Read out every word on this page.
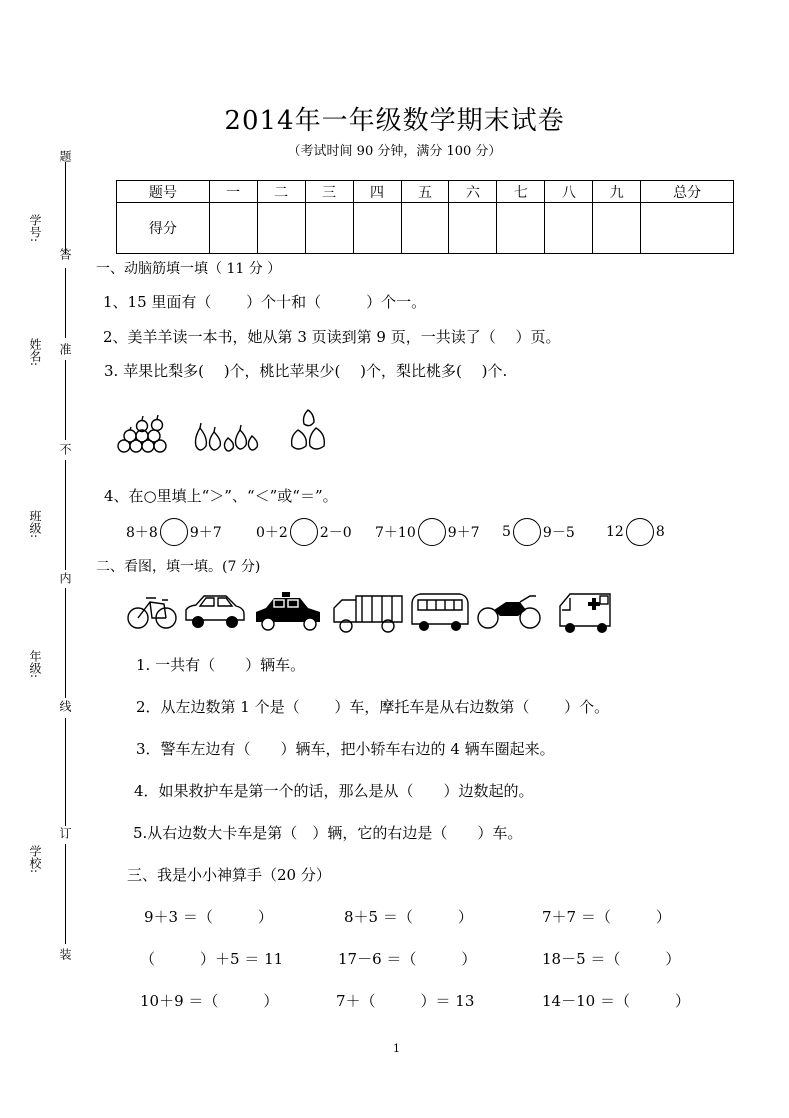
2014年一年级数学期末试卷
（考试时间 90 分钟，满分 100 分）
题号	一	二	三	四	五	六	七	八	九	总分
得分										
题
答
准
不
内
线
订
装
学号:
姓名:
班级:
年级:
学校:
一、动脑筋填一填（ 11 分 ）
1、15 里面有（　　 ）个十和（　　　）个一。
2、美羊羊读一本书，她从第 3 页读到第 9 页，一共读了（　 ）页。
3. 苹果比梨多(　 )个，桃比苹果少(　 )个，梨比桃多(　 )个.
4、在○里填上“＞”、“＜”或“＝”。
8＋8 9＋7 0＋2 2－0 7＋10 9＋7 5 9－5 12 8
二、看图，填一填。(7 分)
1. 一共有（　　）辆车。
2．从左边数第 1 个是（　　 ）车，摩托车是从右边数第（　　 ）个。
3．警车左边有（　　）辆车，把小轿车右边的 4 辆车圈起来。
4．如果救护车是第一个的话，那么是从（　　）边数起的。
5.从右边数大卡车是第（　）辆，它的右边是（　　）车。
三、我是小小神算手（20 分）
9＋3 ＝（　　　）	8＋5 ＝（　　　）	7＋7 ＝（　　　）
（　　　）＋5 ＝ 11	17－6 ＝（　　　）	18－5 ＝（　　　）
10＋9 ＝（　　　）	7＋（　　　）＝ 13	14－10 ＝（　　　）
1
